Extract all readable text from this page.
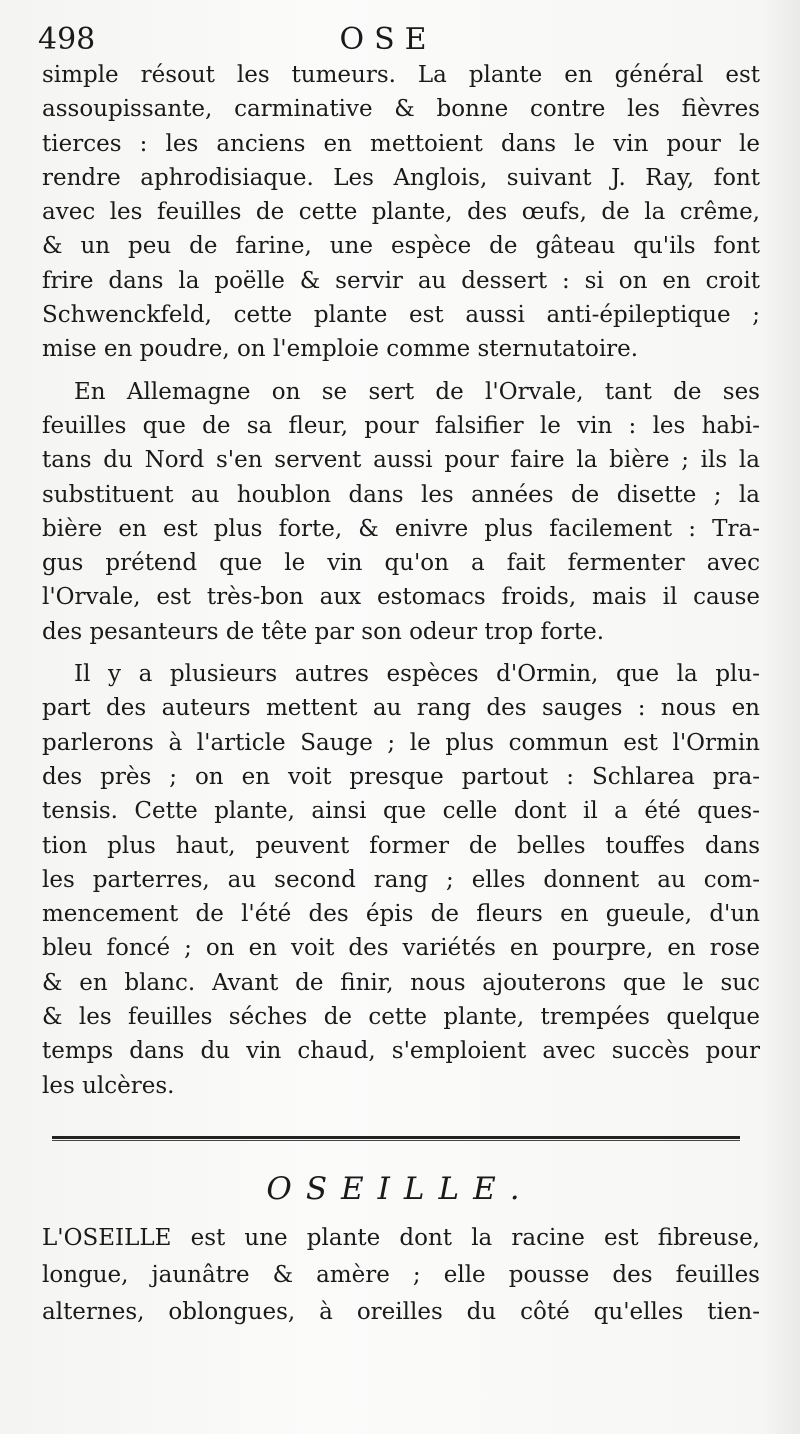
498	OSE
simple résout les tumeurs. La plante en général est
assoupissante, carminative & bonne contre les fièvres
tierces : les anciens en mettoient dans le vin pour le
rendre aphrodisiaque. Les Anglois, suivant J. Ray, font
avec les feuilles de cette plante, des œufs, de la crême,
& un peu de farine, une espèce de gâteau qu'ils font
frire dans la poëlle & servir au dessert : si on en croit
Schwenckfeld, cette plante est aussi anti-épileptique ;
mise en poudre, on l'emploie comme sternutatoire.
En Allemagne on se sert de l'Orvale, tant de ses
feuilles que de sa fleur, pour falsifier le vin : les habi-
tans du Nord s'en servent aussi pour faire la bière ; ils la
substituent au houblon dans les années de disette ; la
bière en est plus forte, & enivre plus facilement : Tra-
gus prétend que le vin qu'on a fait fermenter avec
l'Orvale, est très-bon aux estomacs froids, mais il cause
des pesanteurs de tête par son odeur trop forte.
Il y a plusieurs autres espèces d'Ormin, que la plu-
part des auteurs mettent au rang des sauges : nous en
parlerons à l'article Sauge ; le plus commun est l'Ormin
des près ; on en voit presque partout : Schlarea pra-
tensis. Cette plante, ainsi que celle dont il a été ques-
tion plus haut, peuvent former de belles touffes dans
les parterres, au second rang ; elles donnent au com-
mencement de l'été des épis de fleurs en gueule, d'un
bleu foncé ; on en voit des variétés en pourpre, en rose
& en blanc. Avant de finir, nous ajouterons que le suc
& les feuilles séches de cette plante, trempées quelque
temps dans du vin chaud, s'emploient avec succès pour
les ulcères.
OSEILLE.
L'OSEILLE est une plante dont la racine est fibreuse,
longue, jaunâtre & amère ; elle pousse des feuilles
alternes, oblongues, à oreilles du côté qu'elles tien-
